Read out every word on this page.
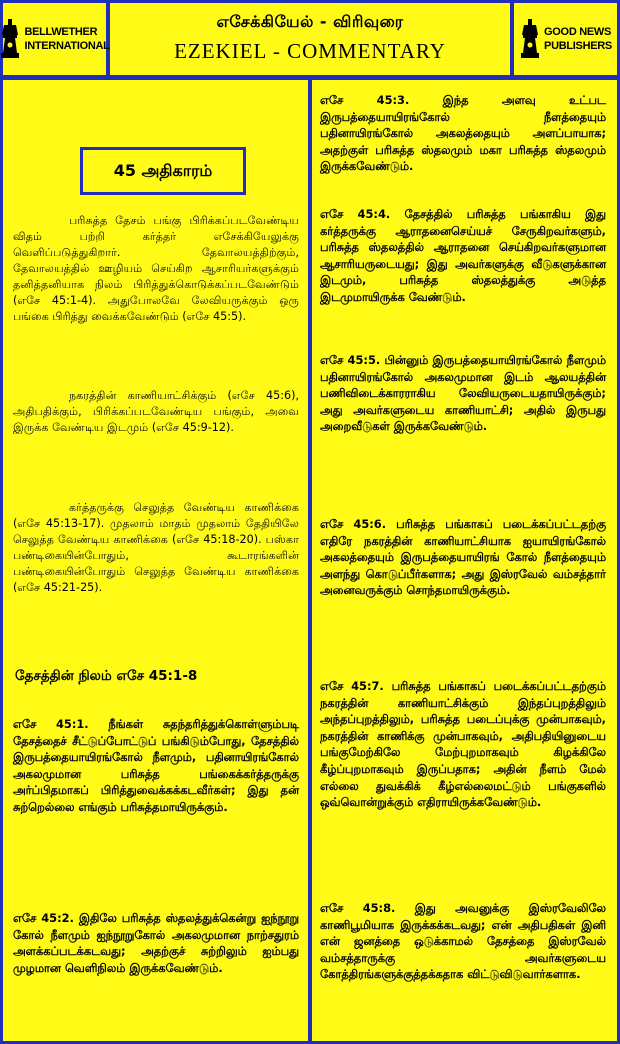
BELLWETHER
INTERNATIONAL
எசேக்கியேல் - விரிவுரை
EZEKIEL - COMMENTARY
GOOD NEWS
PUBLISHERS
45 அதிகாரம்

பரிசுத்த தேசம் பங்கு பிரிக்கப்படவேண்டிய விதம் பற்றி கர்த்தர் எசேக்கியேலுக்கு வெளிப்படுத்துகிறார். தேவாலயத்திற்கும், தேவாலயத்தில் ஊழியம் செய்கிற ஆசாரியர்களுக்கும் தனித்தனியாக நிலம் பிரித்துக்கொடுக்கப்படவேண்டும் (எசே 45:1-4). அதுபோலவே லேவியருக்கும் ஒரு பங்கை பிரித்து வைக்கவேண்டும் (எசே 45:5).

நகரத்தின் காணியாட்சிக்கும் (எசே 45:6), அதிபதிக்கும், பிரிக்கப்படவேண்டிய பங்கும், அவை இருக்க வேண்டிய இடமும் (எசே 45:9-12).

கர்த்தருக்கு செலுத்த வேண்டிய காணிக்கை (எசே 45:13-17). முதலாம் மாதம் முதலாம் தேதியிலே செலுத்த வேண்டிய காணிக்கை (எசே 45:18-20). பஸ்கா பண்டிகையின்போதும், கூடாரங்களின் பண்டிகையின்போதும் செலுத்த வேண்டிய காணிக்கை (எசே 45:21-25).

தேசத்தின் நிலம் எசே 45:1-8
எசே 45:1. நீங்கள் சுதந்தரித்துக்கொள்ளும்படி தேசத்தைச் சீட்டுப்போட்டுப் பங்கிடும்போது, தேசத்தில் இருபத்தையாயிரங்கோல் நீளமும், பதினாயிரங்கோல் அகலமுமான பரிசுத்த பங்கைக்கர்த்தருக்கு அர்ப்பிதமாகப் பிரித்துவைக்கக்கடவீர்கள்; இது தன் சுற்றெல்லை எங்கும் பரிசுத்தமாயிருக்கும்.
எசே 45:2. இதிலே பரிசுத்த ஸ்தலத்துக்கென்று ஐந்நூறு கோல் நீளமும் ஐந்நூறுகோல் அகலமுமான நாற்சதுரம் அளக்கப்படக்கடவது; அதற்குச் சுற்றிலும் ஐம்பது முழமான வெளிநிலம் இருக்கவேண்டும்.
எசே 45:3. இந்த அளவு உட்பட இருபத்தையாயிரங்கோல் நீளத்தையும் பதினாயிரங்கோல் அகலத்தையும் அளப்பாயாக; அதற்குள் பரிசுத்த ஸ்தலமும் மகா பரிசுத்த ஸ்தலமும் இருக்கவேண்டும்.
எசே 45:4. தேசத்தில் பரிசுத்த பங்காகிய இது கர்த்தருக்கு ஆராதனைசெய்யச் சேருகிறவர்களும், பரிசுத்த ஸ்தலத்தில் ஆராதனை செய்கிறவர்களுமான ஆசாரியருடையது; இது அவர்களுக்கு வீடுகளுக்கான இடமும், பரிசுத்த ஸ்தலத்துக்கு அடுத்த இடமுமாயிருக்க வேண்டும்.
எசே 45:5. பின்னும் இருபத்தையாயிரங்கோல் நீளமும் பதினாயிரங்கோல் அகலமுமான இடம் ஆலயத்தின் பணிவிடைக்காரராகிய லேவியருடையதாயிருக்கும்; அது அவர்களுடைய காணியாட்சி; அதில் இருபது அறைவீடுகள் இருக்கவேண்டும்.
எசே 45:6. பரிசுத்த பங்காகப் படைக்கப்பட்டதற்கு எதிரே நகரத்தின் காணியாட்சியாக ஐயாயிரங்கோல் அகலத்தையும் இருபத்தையாயிரங் கோல் நீளத்தையும் அளந்து கொடுப்பீர்களாக; அது இஸ்ரவேல் வம்சத்தார் அனைவருக்கும் சொந்தமாயிருக்கும்.
எசே 45:7. பரிசுத்த பங்காகப் படைக்கப்பட்டதற்கும் நகரத்தின் காணியாட்சிக்கும் இந்தப்புறத்திலும் அந்தப்புறத்திலும், பரிசுத்த படைப்புக்கு முன்பாகவும், நகரத்தின் காணிக்கு முன்பாகவும், அதிபதியினுடைய பங்குமேற்கிலே மேற்புறமாகவும் கிழக்கிலே கீழ்ப்புறமாகவும் இருப்பதாக; அதின் நீளம் மேல் எல்லை துவக்கிக் கீழ்எல்லைமட்டும் பங்குகளில் ஒவ்வொன்றுக்கும் எதிராயிருக்கவேண்டும்.
எசே 45:8. இது அவனுக்கு இஸ்ரவேலிலே காணிபூமியாக இருக்கக்கடவது; என் அதிபதிகள் இனி என் ஜனத்தை ஒடுக்காமல் தேசத்தை இஸ்ரவேல் வம்சத்தாருக்கு அவர்களுடைய கோத்திரங்களுக்குத்தக்கதாக விட்டுவிடுவார்களாக.
